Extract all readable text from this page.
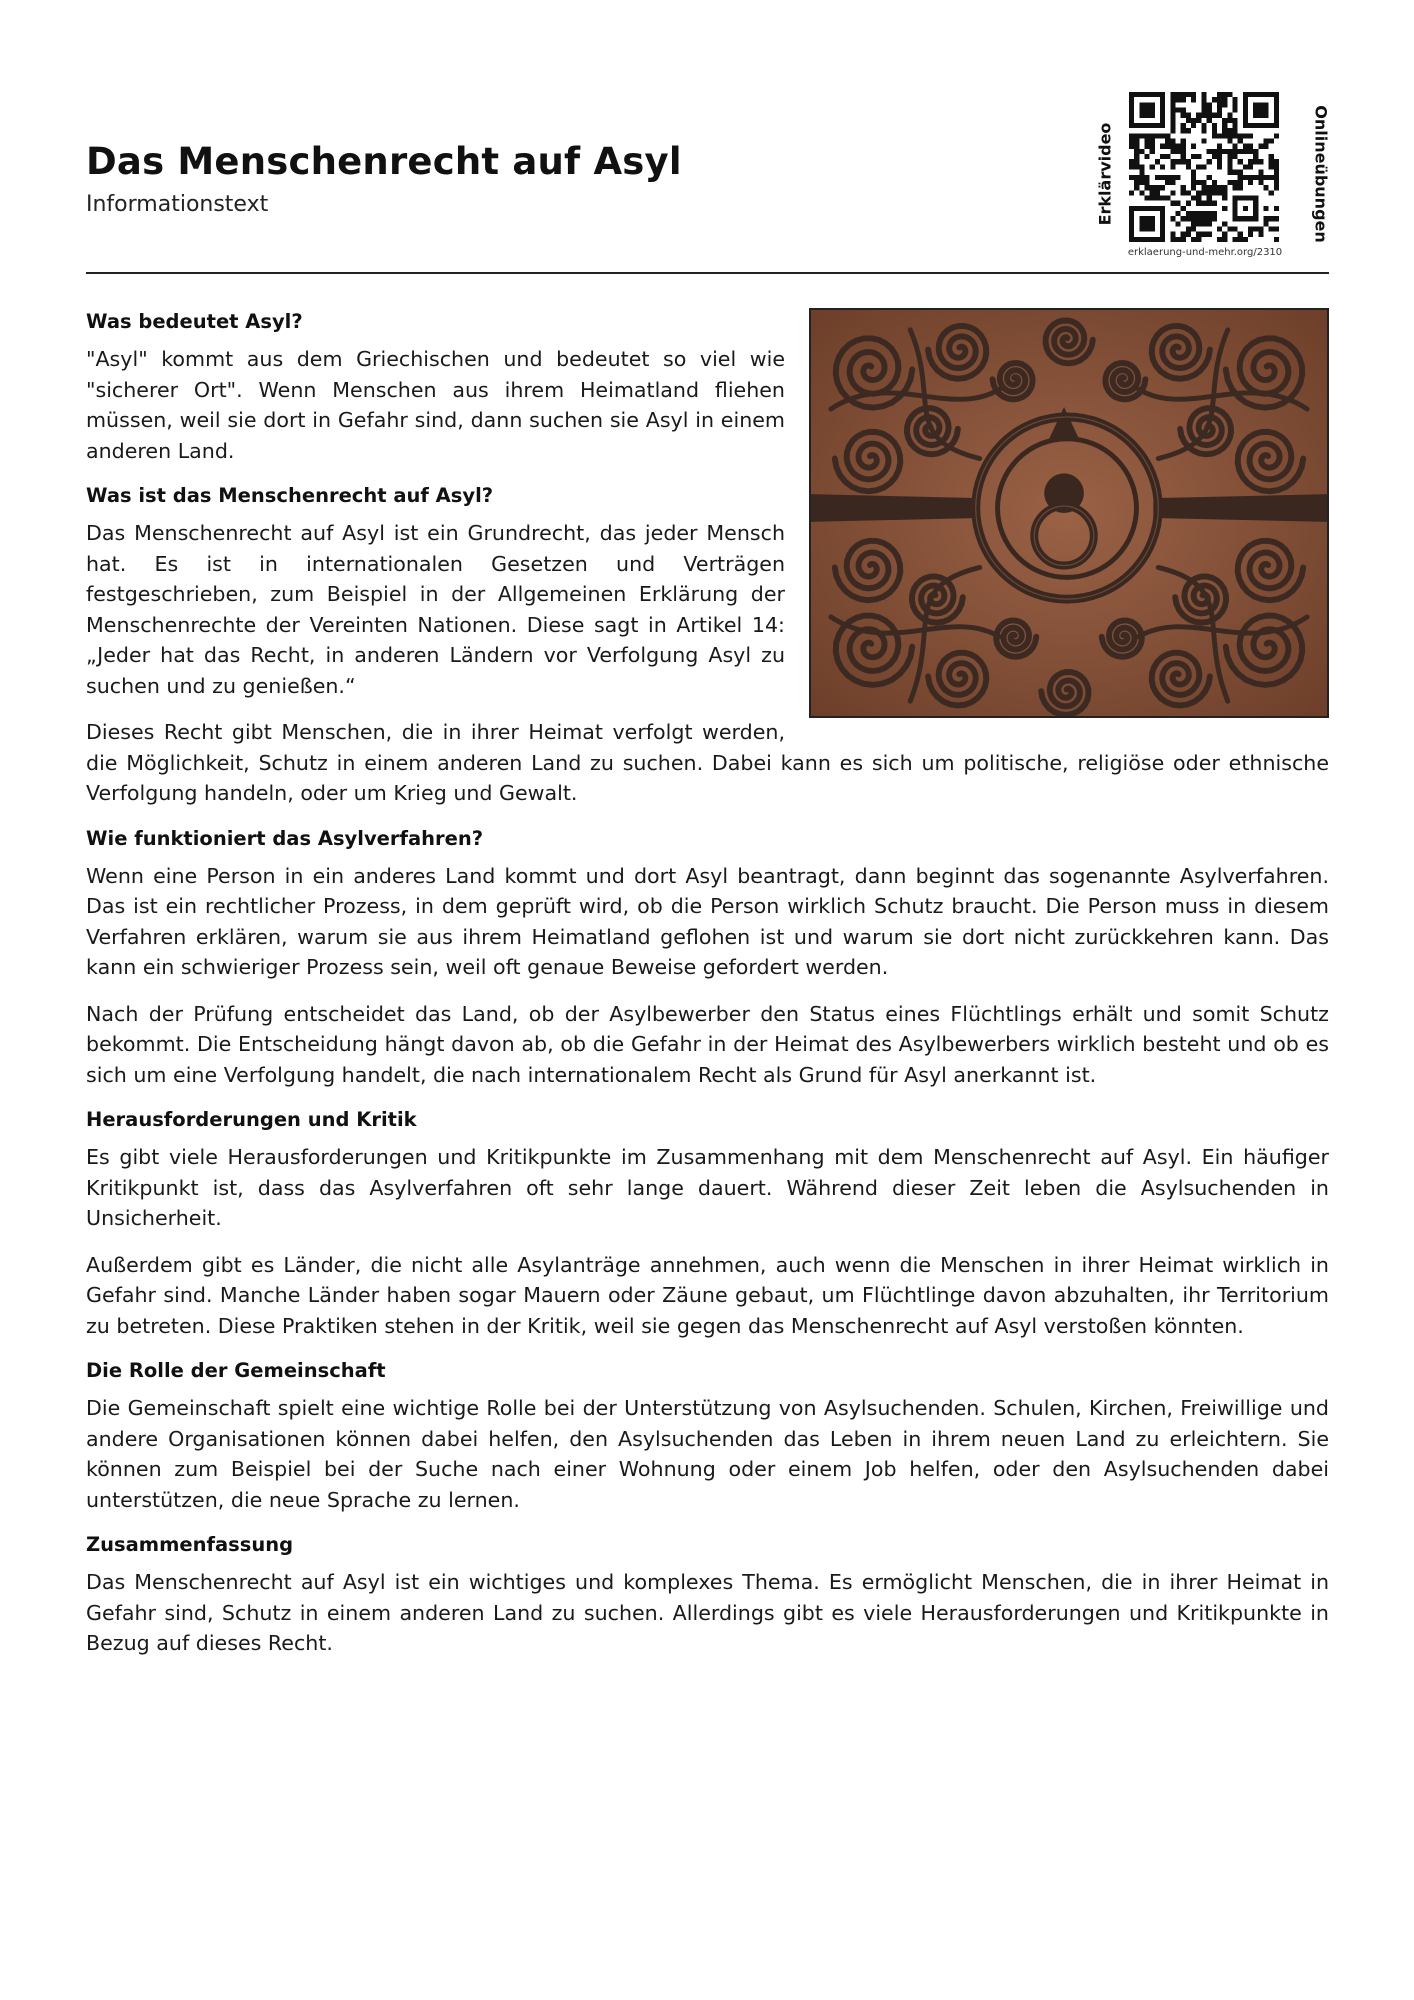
Das Menschenrecht auf Asyl
Informationstext	Erklärvideo	Onlineübungen
erklaerung-und-mehr.org/2310
Was bedeutet Asyl?

"Asyl" kommt aus dem Griechischen und bedeutet so viel wie "sicherer Ort". Wenn Menschen aus ihrem Heimatland fliehen müssen, weil sie dort in Gefahr sind, dann suchen sie Asyl in einem anderen Land.

Was ist das Menschenrecht auf Asyl?

Das Menschenrecht auf Asyl ist ein Grundrecht, das jeder Mensch hat. Es ist in internationalen Gesetzen und Verträgen festgeschrieben, zum Beispiel in der Allgemeinen Erklärung der Menschenrechte der Vereinten Nationen. Diese sagt in Artikel 14: „Jeder hat das Recht, in anderen Ländern vor Verfolgung Asyl zu suchen und zu genießen.“

Dieses Recht gibt Menschen, die in ihrer Heimat verfolgt werden, die Möglichkeit, Schutz in einem anderen Land zu suchen. Dabei kann es sich um politische, religiöse oder ethnische Verfolgung handeln, oder um Krieg und Gewalt.

Wie funktioniert das Asylverfahren?

Wenn eine Person in ein anderes Land kommt und dort Asyl beantragt, dann beginnt das sogenannte Asylverfahren. Das ist ein rechtlicher Prozess, in dem geprüft wird, ob die Person wirklich Schutz braucht. Die Person muss in diesem Verfahren erklären, warum sie aus ihrem Heimatland geflohen ist und warum sie dort nicht zurückkehren kann. Das kann ein schwieriger Prozess sein, weil oft genaue Beweise gefordert werden.

Nach der Prüfung entscheidet das Land, ob der Asylbewerber den Status eines Flüchtlings erhält und somit Schutz bekommt. Die Entscheidung hängt davon ab, ob die Gefahr in der Heimat des Asylbewerbers wirklich besteht und ob es sich um eine Verfolgung handelt, die nach internationalem Recht als Grund für Asyl anerkannt ist.

Herausforderungen und Kritik

Es gibt viele Herausforderungen und Kritikpunkte im Zusammenhang mit dem Menschenrecht auf Asyl. Ein häufiger Kritikpunkt ist, dass das Asylverfahren oft sehr lange dauert. Während dieser Zeit leben die Asylsuchenden in Unsicherheit.

Außerdem gibt es Länder, die nicht alle Asylanträge annehmen, auch wenn die Menschen in ihrer Heimat wirklich in Gefahr sind. Manche Länder haben sogar Mauern oder Zäune gebaut, um Flüchtlinge davon abzuhalten, ihr Territorium zu betreten. Diese Praktiken stehen in der Kritik, weil sie gegen das Menschenrecht auf Asyl verstoßen könnten.

Die Rolle der Gemeinschaft

Die Gemeinschaft spielt eine wichtige Rolle bei der Unterstützung von Asylsuchenden. Schulen, Kirchen, Freiwillige und andere Organisationen können dabei helfen, den Asylsuchenden das Leben in ihrem neuen Land zu erleichtern. Sie können zum Beispiel bei der Suche nach einer Wohnung oder einem Job helfen, oder den Asylsuchenden dabei unterstützen, die neue Sprache zu lernen.

Zusammenfassung

Das Menschenrecht auf Asyl ist ein wichtiges und komplexes Thema. Es ermöglicht Menschen, die in ihrer Heimat in Gefahr sind, Schutz in einem anderen Land zu suchen. Allerdings gibt es viele Herausforderungen und Kritikpunkte in Bezug auf dieses Recht.
